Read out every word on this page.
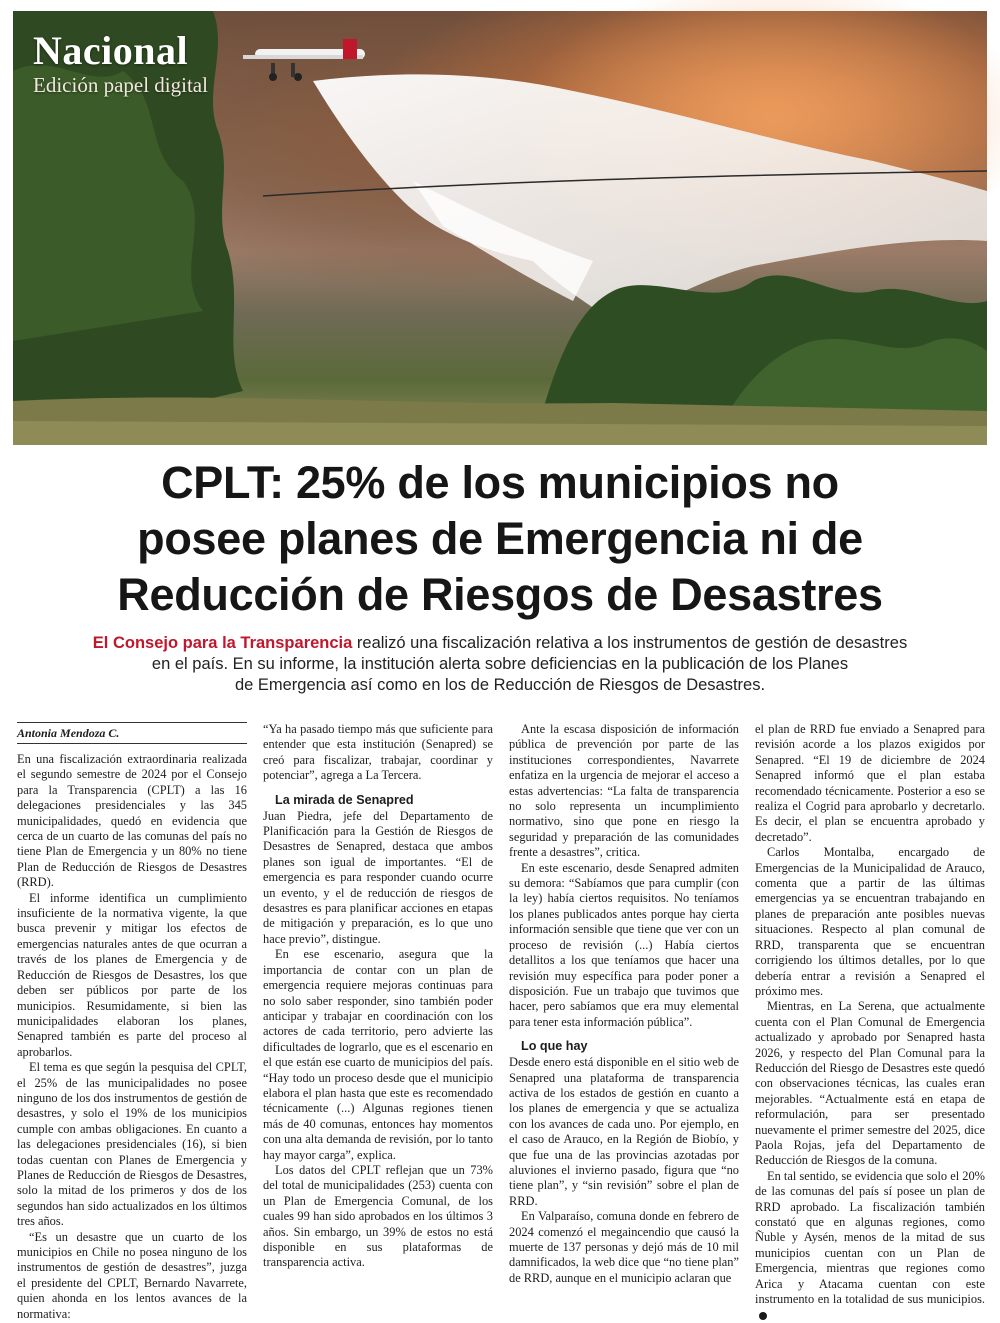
Nacional
Edición papel digital
CPLT: 25% de los municipios no
posee planes de Emergencia ni de
Reducción de Riesgos de Desastres
El Consejo para la Transparencia realizó una fiscalización relativa a los instrumentos de gestión de desastres
en el país. En su informe, la institución alerta sobre deficiencias en la publicación de los Planes
de Emergencia así como en los de Reducción de Riesgos de Desastres.

Antonia Mendoza C.

En una fiscalización extraordinaria realizada el segundo semestre de 2024 por el Consejo para la Transparencia (CPLT) a las 16 delegaciones presidenciales y las 345 municipalidades, quedó en evidencia que cerca de un cuarto de las comunas del país no tiene Plan de Emergencia y un 80% no tiene Plan de Reducción de Riesgos de Desastres (RRD).

El informe identifica un cumplimiento insuficiente de la normativa vigente, la que busca prevenir y mitigar los efectos de emergencias naturales antes de que ocurran a través de los planes de Emergencia y de Reducción de Riesgos de Desastres, los que deben ser públicos por parte de los municipios. Resumidamente, si bien las municipalidades elaboran los planes, Senapred también es parte del proceso al aprobarlos.

El tema es que según la pesquisa del CPLT, el 25% de las municipalidades no posee ninguno de los dos instrumentos de gestión de desastres, y solo el 19% de los municipios cumple con ambas obligaciones. En cuanto a las delegaciones presidenciales (16), si bien todas cuentan con Planes de Emergencia y Planes de Reducción de Riesgos de Desastres, solo la mitad de los primeros y dos de los segundos han sido actualizados en los últimos tres años.

“Es un desastre que un cuarto de los municipios en Chile no posea ninguno de los instrumentos de gestión de desastres”, juzga el presidente del CPLT, Bernardo Navarrete, quien ahonda en los lentos avances de la normativa:

“Ya ha pasado tiempo más que suficiente para entender que esta institución (Senapred) se creó para fiscalizar, trabajar, coordinar y potenciar”, agrega a La Tercera.

La mirada de Senapred

Juan Piedra, jefe del Departamento de Planificación para la Gestión de Riesgos de Desastres de Senapred, destaca que ambos planes son igual de importantes. “El de emergencia es para responder cuando ocurre un evento, y el de reducción de riesgos de desastres es para planificar acciones en etapas de mitigación y preparación, es lo que uno hace previo”, distingue.

En ese escenario, asegura que la importancia de contar con un plan de emergencia requiere mejoras continuas para no solo saber responder, sino también poder anticipar y trabajar en coordinación con los actores de cada territorio, pero advierte las dificultades de lograrlo, que es el escenario en el que están ese cuarto de municipios del país. “Hay todo un proceso desde que el municipio elabora el plan hasta que este es recomendado técnicamente (...) Algunas regiones tienen más de 40 comunas, entonces hay momentos con una alta demanda de revisión, por lo tanto hay mayor carga”, explica.

Los datos del CPLT reflejan que un 73% del total de municipalidades (253) cuenta con un Plan de Emergencia Comunal, de los cuales 99 han sido aprobados en los últimos 3 años. Sin embargo, un 39% de estos no está disponible en sus plataformas de transparencia activa.

Ante la escasa disposición de información pública de prevención por parte de las instituciones correspondientes, Navarrete enfatiza en la urgencia de mejorar el acceso a estas advertencias: “La falta de transparencia no solo representa un incumplimiento normativo, sino que pone en riesgo la seguridad y preparación de las comunidades frente a desastres”, critica.

En este escenario, desde Senapred admiten su demora: “Sabíamos que para cumplir (con la ley) había ciertos requisitos. No teníamos los planes publicados antes porque hay cierta información sensible que tiene que ver con un proceso de revisión (...) Había ciertos detallitos a los que teníamos que hacer una revisión muy específica para poder poner a disposición. Fue un trabajo que tuvimos que hacer, pero sabíamos que era muy elemental para tener esta información pública”.

Lo que hay

Desde enero está disponible en el sitio web de Senapred una plataforma de transparencia activa de los estados de gestión en cuanto a los planes de emergencia y que se actualiza con los avances de cada uno. Por ejemplo, en el caso de Arauco, en la Región de Biobío, y que fue una de las provincias azotadas por aluviones el invierno pasado, figura que “no tiene plan”, y “sin revisión” sobre el plan de RRD.

En Valparaíso, comuna donde en febrero de 2024 comenzó el megaincendio que causó la muerte de 137 personas y dejó más de 10 mil damnificados, la web dice que “no tiene plan” de RRD, aunque en el municipio aclaran que

el plan de RRD fue enviado a Senapred para revisión acorde a los plazos exigidos por Senapred. “El 19 de diciembre de 2024 Senapred informó que el plan estaba recomendado técnicamente. Posterior a eso se realiza el Cogrid para aprobarlo y decretarlo. Es decir, el plan se encuentra aprobado y decretado”.

Carlos Montalba, encargado de Emergencias de la Municipalidad de Arauco, comenta que a partir de las últimas emergencias ya se encuentran trabajando en planes de preparación ante posibles nuevas situaciones. Respecto al plan comunal de RRD, transparenta que se encuentran corrigiendo los últimos detalles, por lo que debería entrar a revisión a Senapred el próximo mes.

Mientras, en La Serena, que actualmente cuenta con el Plan Comunal de Emergencia actualizado y aprobado por Senapred hasta 2026, y respecto del Plan Comunal para la Reducción del Riesgo de Desastres este quedó con observaciones técnicas, las cuales eran mejorables. “Actualmente está en etapa de reformulación, para ser presentado nuevamente el primer semestre del 2025, dice Paola Rojas, jefa del Departamento de Reducción de Riesgos de la comuna.

En tal sentido, se evidencia que solo el 20% de las comunas del país sí posee un plan de RRD aprobado. La fiscalización también constató que en algunas regiones, como Ñuble y Aysén, menos de la mitad de sus municipios cuentan con un Plan de Emergencia, mientras que regiones como Arica y Atacama cuentan con este instrumento en la totalidad de sus municipios.
